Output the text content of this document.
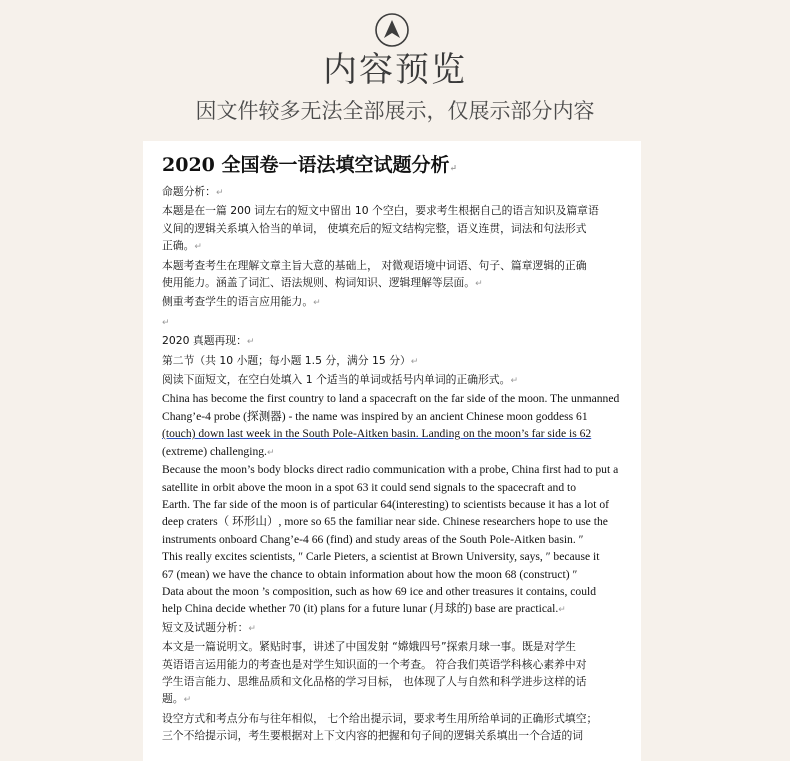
内容预览
因文件较多无法全部展示，仅展示部分内容
2020 全国卷一语法填空试题分析↵
命题分析：↵
本题是在一篇 200 词左右的短文中留出 10 个空白，要求考生根据自己的语言知识及篇章语
义间的逻辑关系填入恰当的单词， 使填充后的短文结构完整，语义连贯，词法和句法形式
正确。↵
本题考查考生在理解文章主旨大意的基础上， 对微观语境中词语、句子、篇章逻辑的正确
使用能力。涵盖了词汇、语法规则、构词知识、逻辑理解等层面。↵
侧重考查学生的语言应用能力。↵
↵
2020 真题再现：↵
第二节（共 10 小题；每小题 1.5 分，满分 15 分）↵
阅读下面短文，在空白处填入 1 个适当的单词或括号内单词的正确形式。↵
China has become the first country to land a spacecraft on the far side of the moon. The unmanned
Chang’e-4 probe (探测器) - the name was inspired by an ancient Chinese moon goddess 61
(touch) down last week in the South Pole-Aitken basin. Landing on the moon’s far side is 62
(extreme) challenging.↵
Because the moon’s body blocks direct radio communication with a probe, China first had to put a
satellite in orbit above the moon in a spot 63 it could send signals to the spacecraft and to
Earth. The far side of the moon is of particular 64(interesting) to scientists because it has a lot of
deep craters（ 环形山）, more so 65 the familiar near side. Chinese researchers hope to use the
instruments onboard Chang’e-4 66 (find) and study areas of the South Pole-Aitken basin. ″
This really excites scientists, ″ Carle Pieters, a scientist at Brown University, says, ″ because it
67 (mean) we have the chance to obtain information about how the moon 68 (construct) ″
Data about the moon ’s composition, such as how 69 ice and other treasures it contains, could
help China decide whether 70 (it) plans for a future lunar (月球的) base are practical.↵
短文及试题分析：↵
本文是一篇说明文。紧贴时事，讲述了中国发射 “嫦娥四号”探索月球一事。既是对学生
英语语言运用能力的考查也是对学生知识面的一个考查。 符合我们英语学科核心素养中对
学生语言能力、思维品质和文化品格的学习目标， 也体现了人与自然和科学进步这样的话
题。↵
设空方式和考点分布与往年相似， 七个给出提示词，要求考生用所给单词的正确形式填空；
三个不给提示词，考生要根据对上下文内容的把握和句子间的逻辑关系填出一个合适的词
